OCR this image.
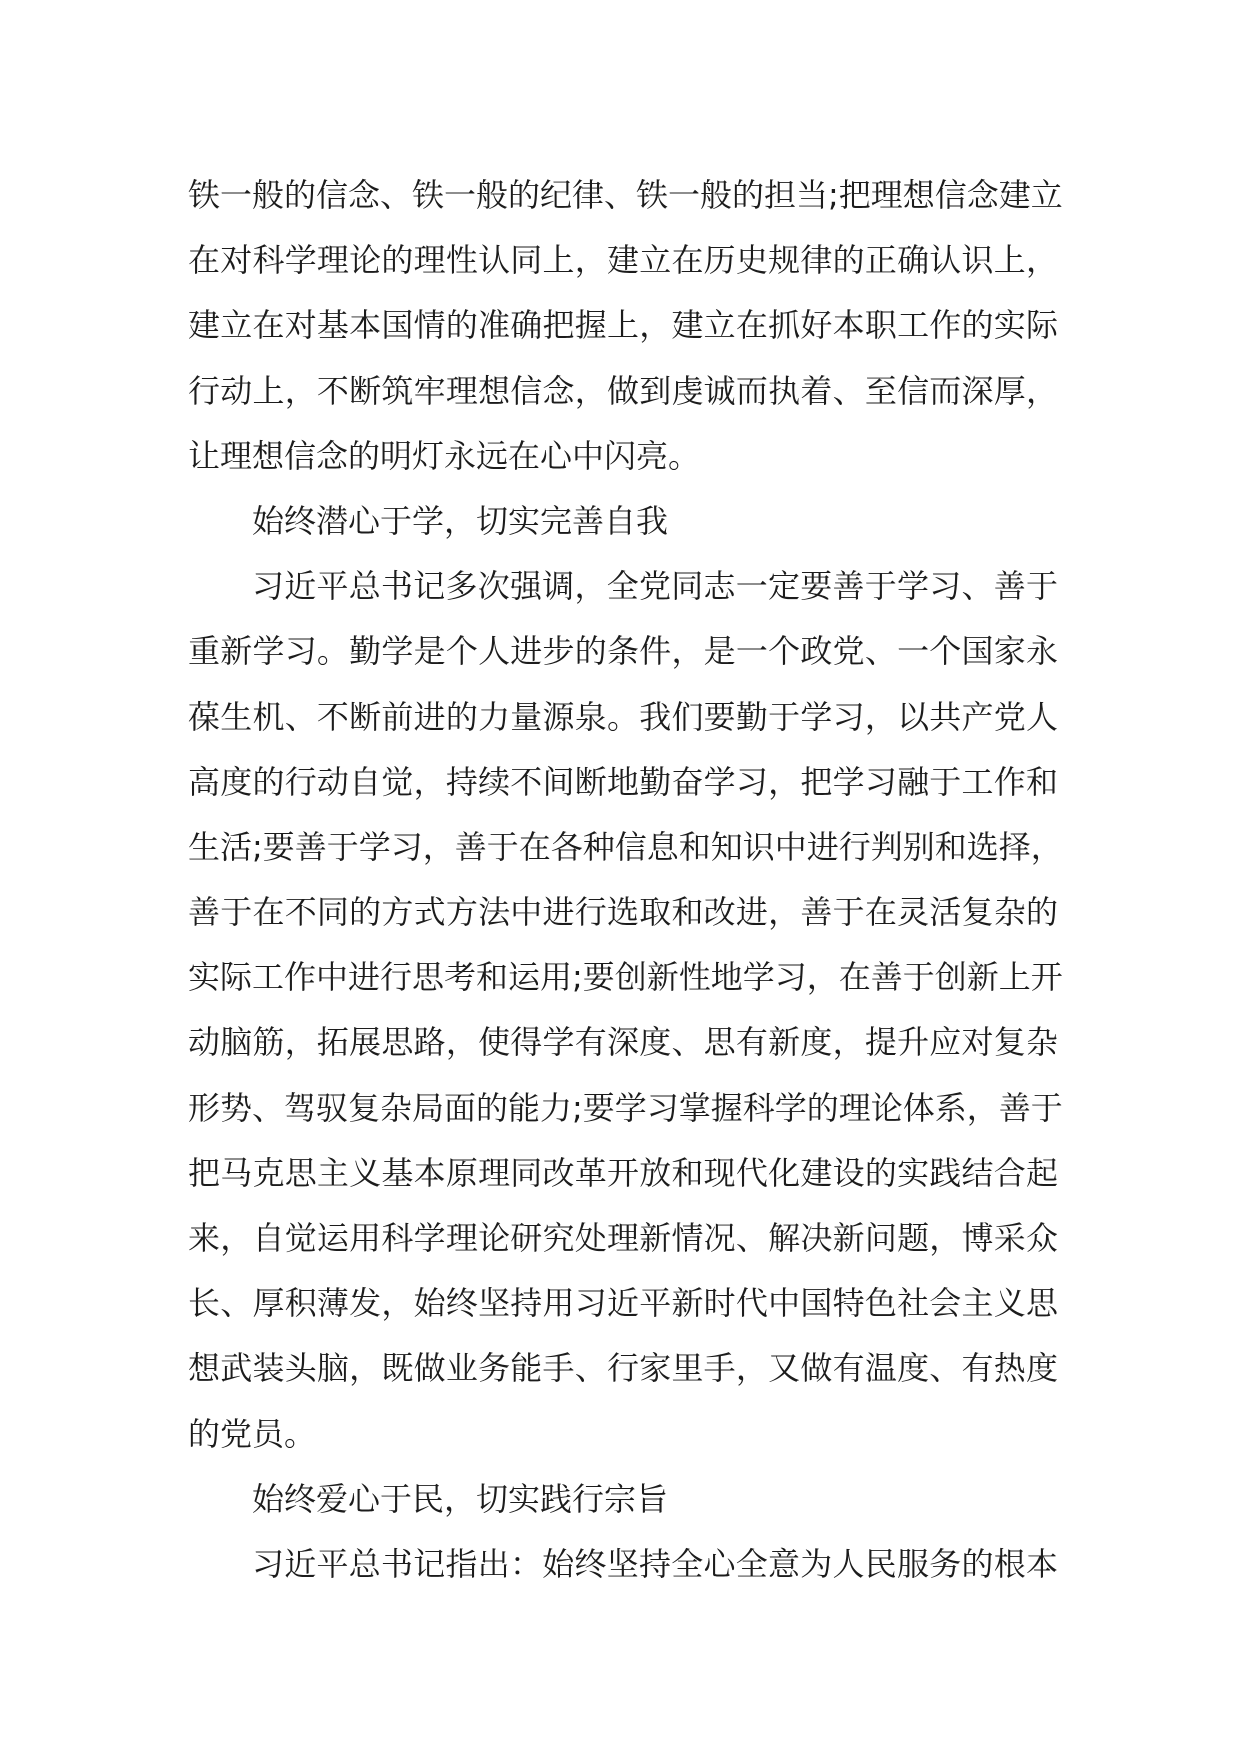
铁一般的信念、铁一般的纪律、铁一般的担当;把理想信念建立
在对科学理论的理性认同上，建立在历史规律的正确认识上，
建立在对基本国情的准确把握上，建立在抓好本职工作的实际
行动上，不断筑牢理想信念，做到虔诚而执着、至信而深厚，
让理想信念的明灯永远在心中闪亮。
始终潜心于学，切实完善自我
习近平总书记多次强调，全党同志一定要善于学习、善于
重新学习。勤学是个人进步的条件，是一个政党、一个国家永
葆生机、不断前进的力量源泉。我们要勤于学习，以共产党人
高度的行动自觉，持续不间断地勤奋学习，把学习融于工作和
生活;要善于学习，善于在各种信息和知识中进行判别和选择，
善于在不同的方式方法中进行选取和改进，善于在灵活复杂的
实际工作中进行思考和运用;要创新性地学习，在善于创新上开
动脑筋，拓展思路，使得学有深度、思有新度，提升应对复杂
形势、驾驭复杂局面的能力;要学习掌握科学的理论体系，善于
把马克思主义基本原理同改革开放和现代化建设的实践结合起
来，自觉运用科学理论研究处理新情况、解决新问题，博采众
长、厚积薄发，始终坚持用习近平新时代中国特色社会主义思
想武装头脑，既做业务能手、行家里手，又做有温度、有热度
的党员。
始终爱心于民，切实践行宗旨
习近平总书记指出：始终坚持全心全意为人民服务的根本
